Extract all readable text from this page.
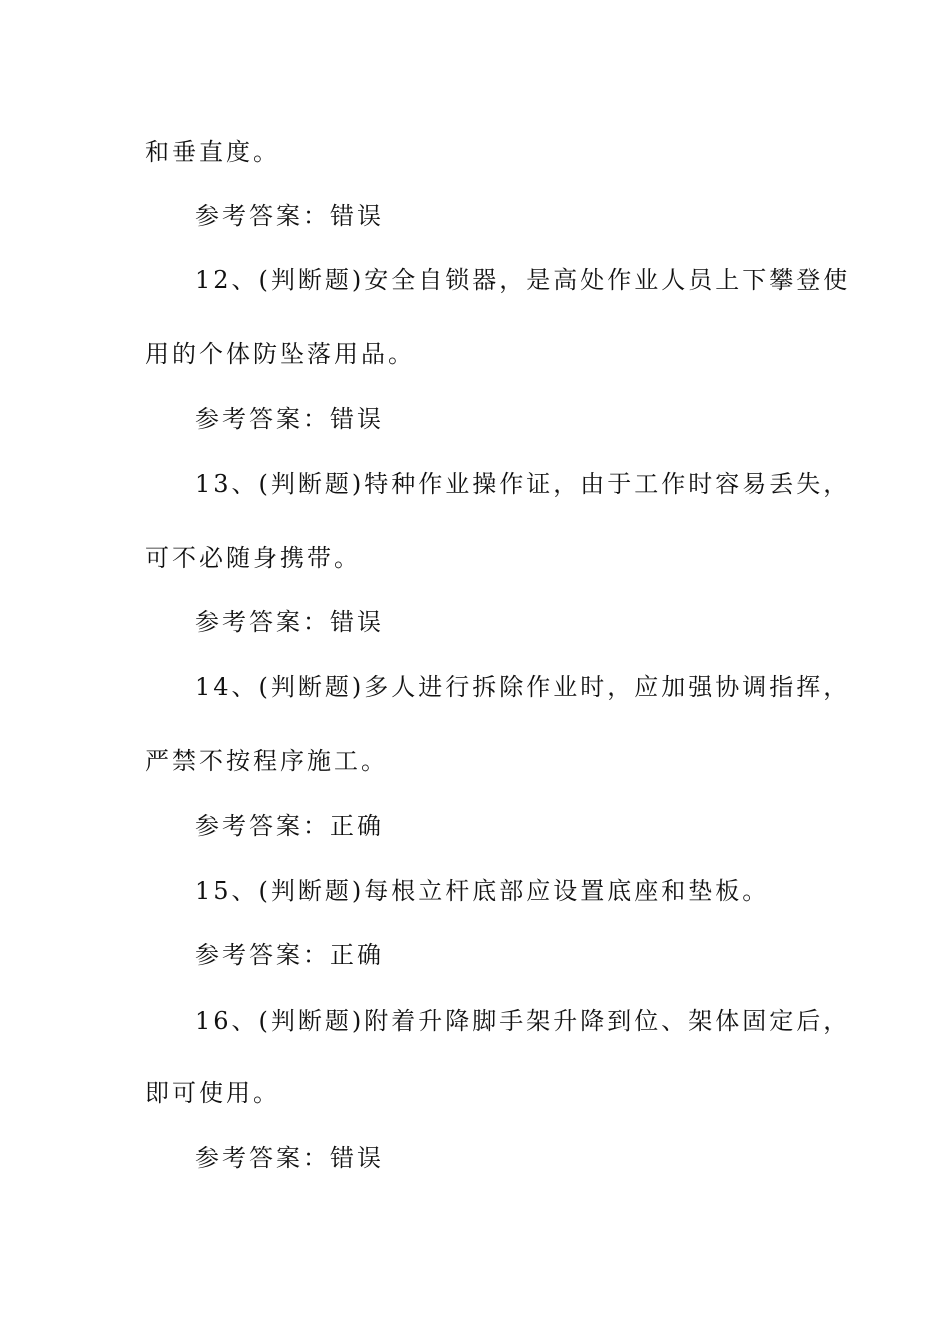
和垂直度。
参考答案：错误
12、(判断题)安全自锁器，是高处作业人员上下攀登使
用的个体防坠落用品。
参考答案：错误
13、(判断题)特种作业操作证，由于工作时容易丢失，
可不必随身携带。
参考答案：错误
14、(判断题)多人进行拆除作业时，应加强协调指挥，
严禁不按程序施工。
参考答案：正确
15、(判断题)每根立杆底部应设置底座和垫板。
参考答案：正确
16、(判断题)附着升降脚手架升降到位、架体固定后，
即可使用。
参考答案：错误
